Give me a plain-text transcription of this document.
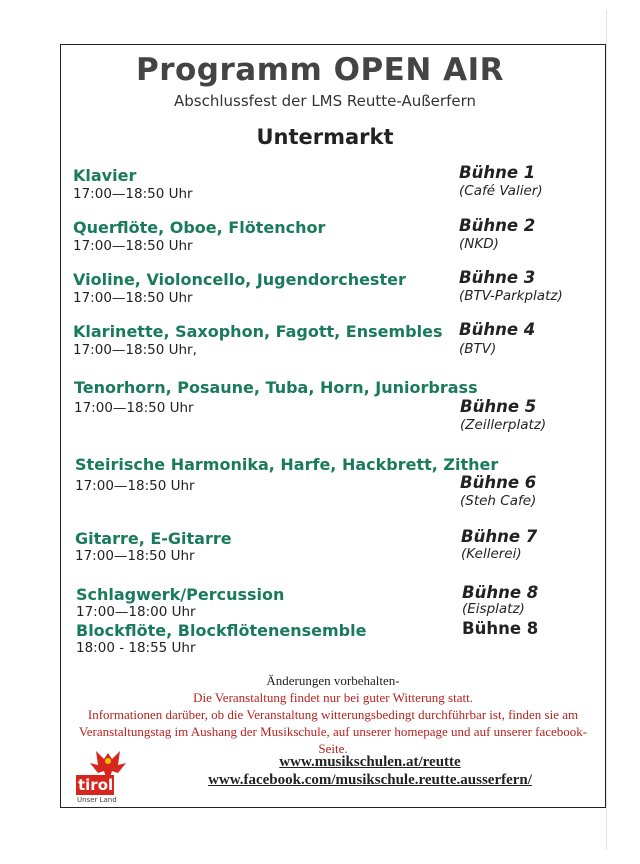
Programm OPEN AIR
Abschlussfest der LMS Reutte-Außerfern
Untermarkt
Klavier
17:00—18:50 Uhr
Bühne 1
(Café Valier)
Querflöte, Oboe, Flötenchor
17:00—18:50 Uhr
Bühne 2
(NKD)
Violine, Violoncello, Jugendorchester
17:00—18:50 Uhr
Bühne 3
(BTV-Parkplatz)
Klarinette, Saxophon, Fagott, Ensembles
17:00—18:50 Uhr,
Bühne 4
(BTV)
Tenorhorn, Posaune, Tuba, Horn, Juniorbrass
17:00—18:50 Uhr	Bühne 5
(Zeillerplatz)
Steirische Harmonika, Harfe, Hackbrett, Zither
17:00—18:50 Uhr	Bühne 6
(Steh Cafe)
Gitarre, E-Gitarre
17:00—18:50 Uhr
Bühne 7
(Kellerei)
Schlagwerk/Percussion
17:00—18:00 Uhr
Bühne 8
(Eisplatz)
Blockflöte, Blockflötenensemble
18:00 - 18:55 Uhr
Bühne 8
Änderungen vorbehalten-
Die Veranstaltung findet nur bei guter Witterung statt.
Informationen darüber, ob die Veranstaltung witterungsbedingt durchführbar ist, finden sie am Veranstaltungstag im Aushang der Musikschule, auf unserer homepage und auf unserer facebook-Seite.
www.musikschulen.at/reutte
www.facebook.com/musikschule.reutte.ausserfern/
tirol
Unser Land
